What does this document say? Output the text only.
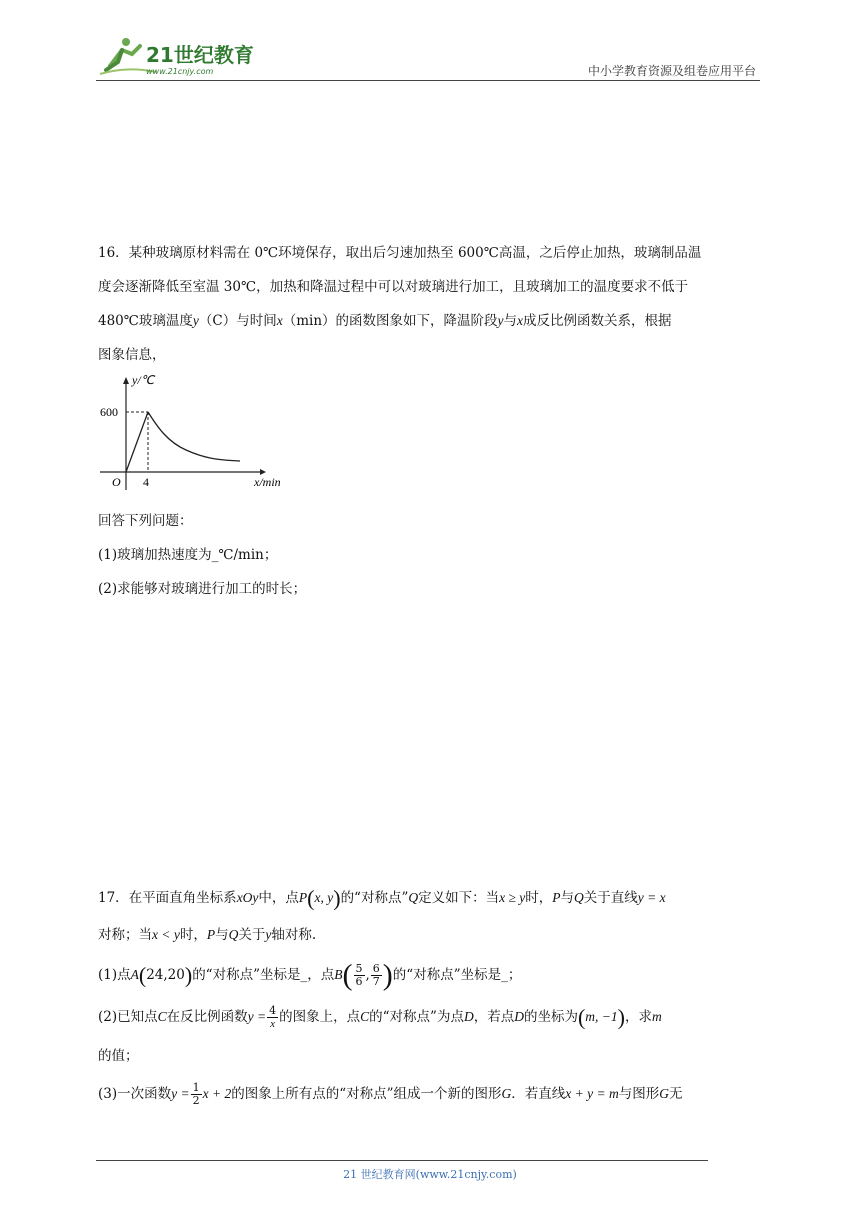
21世纪教育
www.21cnjy.com	中小学教育资源及组卷应用平台

16．某种玻璃原材料需在 0℃环境保存，取出后匀速加热至 600℃高温，之后停止加热，玻璃制品温

度会逐渐降低至室温 30℃，加热和降温过程中可以对玻璃进行加工，且玻璃加工的温度要求不低于

480℃玻璃温度y（C）与时间x（min）的函数图象如下，降温阶段y与x成反比例函数关系，根据

图象信息，

y/℃
600
O 4	x/min

回答下列问题：

(1)玻璃加热速度为_℃/min；

(2)求能够对玻璃进行加工的时长；

17．在平面直角坐标系xOy中，点P(x, y)的“对称点”Q定义如下：当x ≥ y时，P与Q关于直线y = x

对称；当x < y时，P与Q关于y轴对称.

(1)点A(24,20)的“对称点”坐标是_，点$B( \frac{5}{6}$ , $\frac{6}{7}$ )的“对称点”坐标是_；

(2)已知点C在反比例函数$y = \frac{4}{x}$ 的图象上，点C的“对称点”为点D，若点D的坐标为(m, −1)，求m

的值；

(3)一次函数$y = \frac{1}{2}$ x + 2的图象上所有点的“对称点”组成一个新的图形G．若直线x + y = m与图形G无

21 世纪教育网(www.21cnjy.com)
